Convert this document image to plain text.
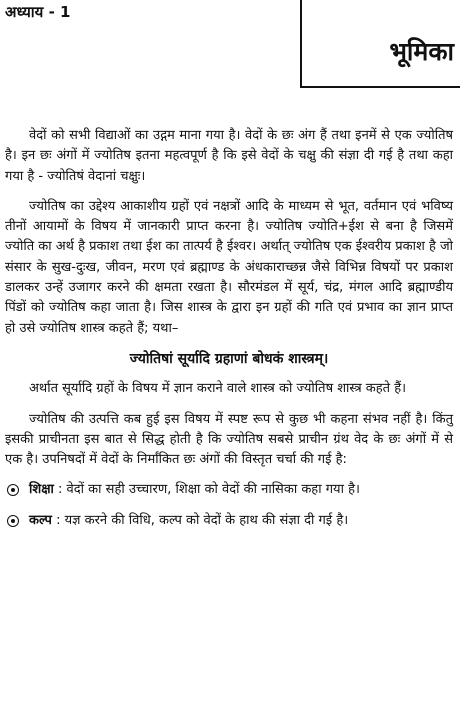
अध्याय - 1
भूमिका

वेदों को सभी विद्याओं का उद्गम माना गया है। वेदों के छः अंग हैं तथा इनमें से एक ज्योतिष है। इन छः अंगों में ज्योतिष इतना महत्वपूर्ण है कि इसे वेदों के चक्षु की संज्ञा दी गई है तथा कहा गया है - ज्योतिषं वेदानां चक्षुः।

ज्योतिष का उद्देश्य आकाशीय ग्रहों एवं नक्षत्रों आदि के माध्यम से भूत, वर्तमान एवं भविष्य तीनों आयामों के विषय में जानकारी प्राप्त करना है। ज्योतिष ज्योति+ईश से बना है जिसमें ज्योति का अर्थ है प्रकाश तथा ईश का तात्पर्य है ईश्वर। अर्थात् ज्योतिष एक ईश्वरीय प्रकाश है जो संसार के सुख-दुःख, जीवन, मरण एवं ब्रह्माण्ड के अंधकाराच्छन्न जैसे विभिन्न विषयों पर प्रकाश डालकर उन्हें उजागर करने की क्षमता रखता है। सौरमंडल में सूर्य, चंद्र, मंगल आदि ब्रह्माण्डीय पिंडों को ज्योतिष कहा जाता है। जिस शास्त्र के द्वारा इन ग्रहों की गति एवं प्रभाव का ज्ञान प्राप्त हो उसे ज्योतिष शास्त्र कहते हैं; यथा–

ज्योतिषां सूर्यादि ग्रहाणां बोधकं शास्त्रम्।

अर्थात सूर्यादि ग्रहों के विषय में ज्ञान कराने वाले शास्त्र को ज्योतिष शास्त्र कहते हैं।

ज्योतिष की उत्पत्ति कब हुई इस विषय में स्पष्ट रूप से कुछ भी कहना संभव नहीं है। किंतु इसकी प्राचीनता इस बात से सिद्ध होती है कि ज्योतिष सबसे प्राचीन ग्रंथ वेद के छः अंगों में से एक है। उपनिषदों में वेदों के निर्मांकित छः अंगों की विस्तृत चर्चा की गई है:

शिक्षा : वेदों का सही उच्चारण, शिक्षा को वेदों की नासिका कहा गया है।
कल्प : यज्ञ करने की विधि, कल्प को वेदों के हाथ की संज्ञा दी गई है।
